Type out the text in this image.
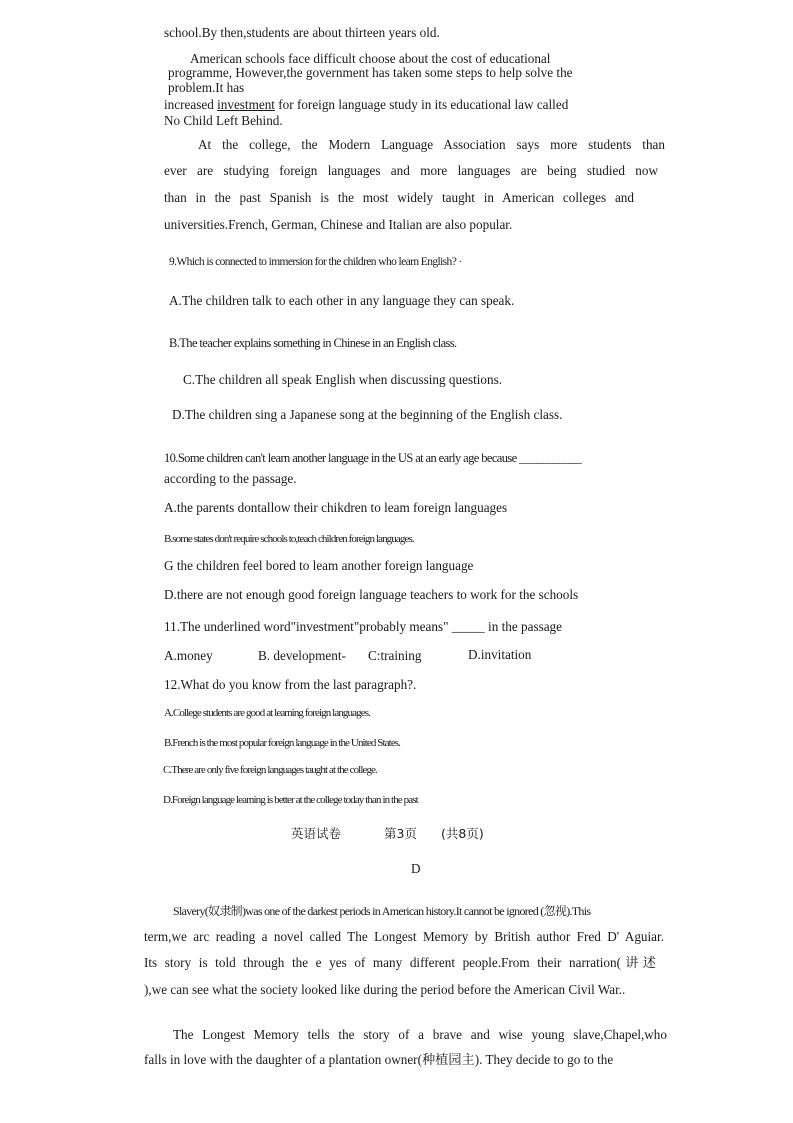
school.By then,students are about thirteen years old.
American schools face difficult choose about the cost of educational
programme, However,the government has taken some steps to help solve the
problem.It has
increased investment for foreign language study in its educational law called
No Child Left Behind.
At the college, the Modern Language Association says more students than
ever are studying foreign languages and more languages are being studied now
than in the past Spanish is the most widely taught in American colleges and
universities.French, German, Chinese and Italian are also popular.
9.Which is connected to immersion for the children who learn English? ·
A.The children talk to each other in any language they can speak.
B.The teacher explains something in Chinese in an English class.
C.The children all speak English when discussing questions.
D.The children sing a Japanese song at the beginning of the English class.
10.Some children can't learn another language in the US at an early age because ___________
according to the passage.
A.the parents dontallow their chikdren to leam foreign languages
B.some states don't require schools to,teach children foreign languages.
G the children feel bored to leam another foreign language
D.there are not enough good foreign language teachers to work for the schools
11.The underlined word"investment"probably means" _____ in the passage
A.money	B. development- C:training	D.invitation
12.What do you know from the last paragraph?.
A.College students are good at learning foreign languages.
B.French is the most popular foreign language in the United States.
C.There are only five foreign languages taught at the college.
D.Foreign language learning is better at the college today than in the past
英语试卷	第3页 (共8页)
D
Slavery(奴隶制)was one of the darkest periods in American history.It cannot be ignored (忽视).This
term,we arc reading a novel called The Longest Memory by British author Fred D' Aguiar.
Its story is told through the e yes of many different people.From their narration(讲述
),we can see what the society looked like during the period before the American Civil War..
The Longest Memory tells the story of a brave and wise young slave,Chapel,who
falls in love with the daughter of a plantation owner(种植园主). They decide to go to the
